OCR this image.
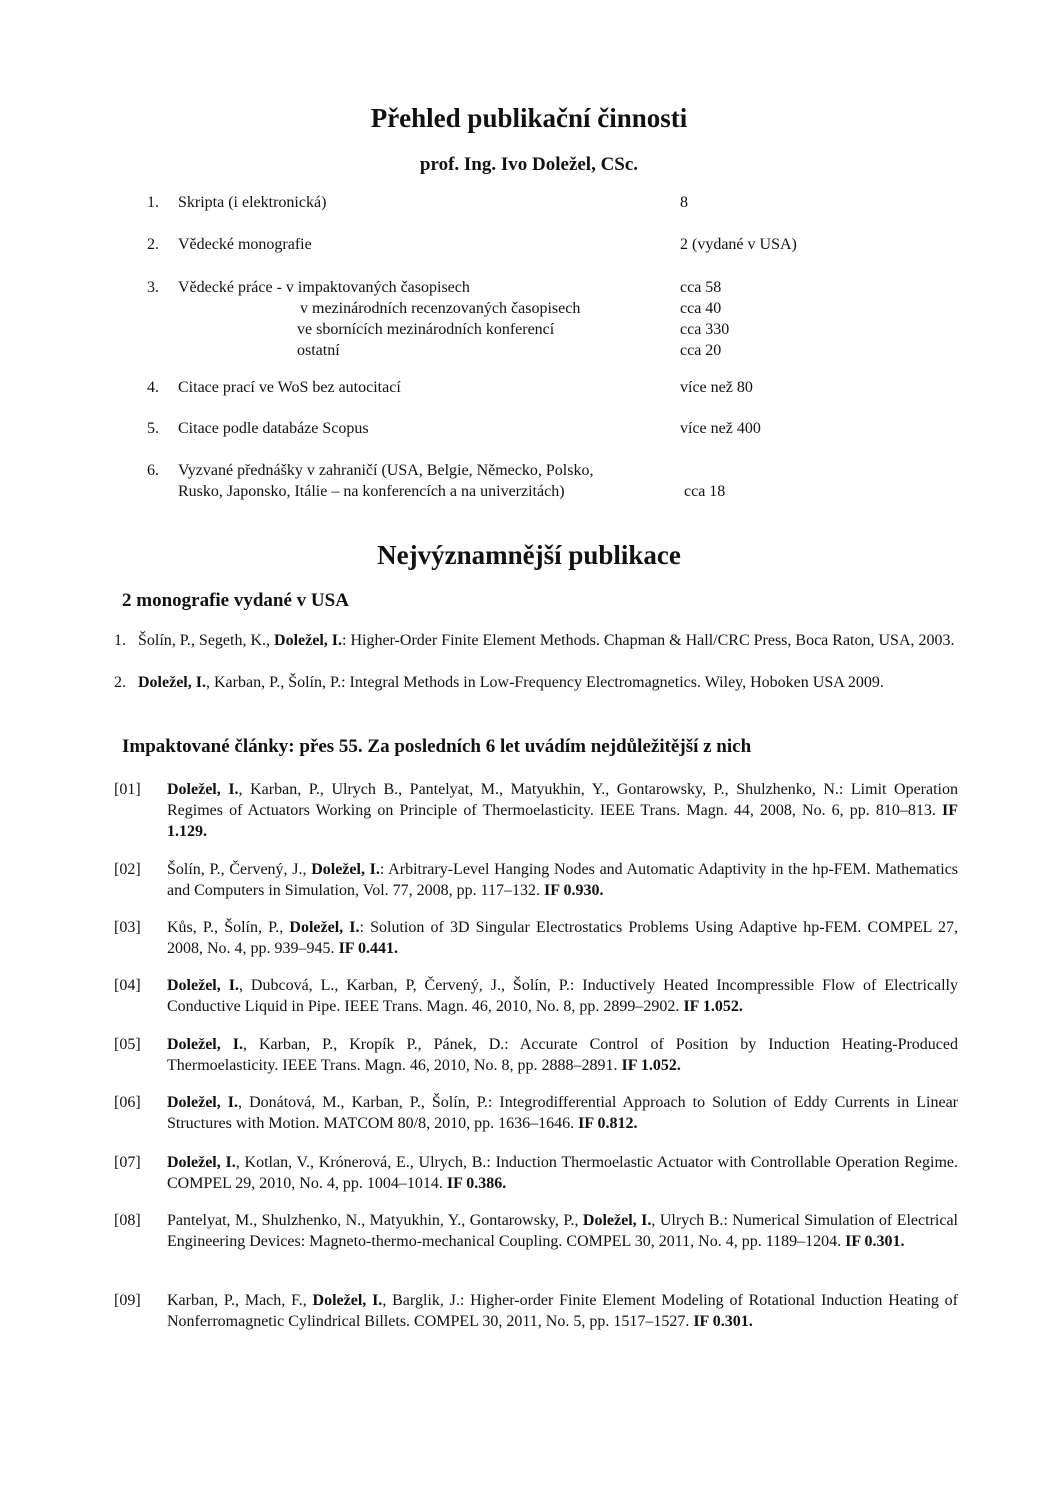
Přehled publikační činnosti
prof. Ing. Ivo Doležel, CSc.
1. Skripta (i elektronická)	8
2. Vědecké monografie	2 (vydané v USA)
3. Vědecké práce - v impaktovaných časopisech	cca 58
v mezinárodních recenzovaných časopisech	cca 40
ve sbornících mezinárodních konferencí	cca 330
ostatní	cca 20
4. Citace prací ve WoS bez autocitací	více než 80
5. Citace podle databáze Scopus	více než 400
6. Vyzvané přednášky v zahraničí (USA, Belgie, Německo, Polsko,
Rusko, Japonsko, Itálie – na konferencích a na univerzitách)	cca 18
Nejvýznamnější publikace
2 monografie vydané v USA
1. Šolín, P., Segeth, K., Doležel, I.: Higher-Order Finite Element Methods. Chapman & Hall/CRC Press, Boca Raton, USA, 2003.
2. Doležel, I., Karban, P., Šolín, P.: Integral Methods in Low-Frequency Electromagnetics. Wiley, Hoboken USA 2009.
Impaktované články: přes 55. Za posledních 6 let uvádím nejdůležitější z nich
[01] Doležel, I., Karban, P., Ulrych B., Pantelyat, M., Matyukhin, Y., Gontarowsky, P., Shulzhenko, N.: Limit Operation Regimes of Actuators Working on Principle of Thermoelasticity. IEEE Trans. Magn. 44, 2008, No. 6, pp. 810–813. IF 1.129.
[02] Šolín, P., Červený, J., Doležel, I.: Arbitrary-Level Hanging Nodes and Automatic Adaptivity in the hp-FEM. Mathematics and Computers in Simulation, Vol. 77, 2008, pp. 117–132. IF 0.930.
[03] Kůs, P., Šolín, P., Doležel, I.: Solution of 3D Singular Electrostatics Problems Using Adaptive hp-FEM. COMPEL 27, 2008, No. 4, pp. 939–945. IF 0.441.
[04] Doležel, I., Dubcová, L., Karban, P, Červený, J., Šolín, P.: Inductively Heated Incompressible Flow of Electrically Conductive Liquid in Pipe. IEEE Trans. Magn. 46, 2010, No. 8, pp. 2899–2902. IF 1.052.
[05] Doležel, I., Karban, P., Kropík P., Pánek, D.: Accurate Control of Position by Induction Heating-Produced Thermoelasticity. IEEE Trans. Magn. 46, 2010, No. 8, pp. 2888–2891. IF 1.052.
[06] Doležel, I., Donátová, M., Karban, P., Šolín, P.: Integrodifferential Approach to Solution of Eddy Currents in Linear Structures with Motion. MATCOM 80/8, 2010, pp. 1636–1646. IF 0.812.
[07] Doležel, I., Kotlan, V., Krónerová, E., Ulrych, B.: Induction Thermoelastic Actuator with Controllable Operation Regime. COMPEL 29, 2010, No. 4, pp. 1004–1014. IF 0.386.
[08] Pantelyat, M., Shulzhenko, N., Matyukhin, Y., Gontarowsky, P., Doležel, I., Ulrych B.: Numerical Simulation of Electrical Engineering Devices: Magneto-thermo-mechanical Coupling. COMPEL 30, 2011, No. 4, pp. 1189–1204. IF 0.301.
[09] Karban, P., Mach, F., Doležel, I., Barglik, J.: Higher-order Finite Element Modeling of Rotational Induction Heating of Nonferromagnetic Cylindrical Billets. COMPEL 30, 2011, No. 5, pp. 1517–1527. IF 0.301.
